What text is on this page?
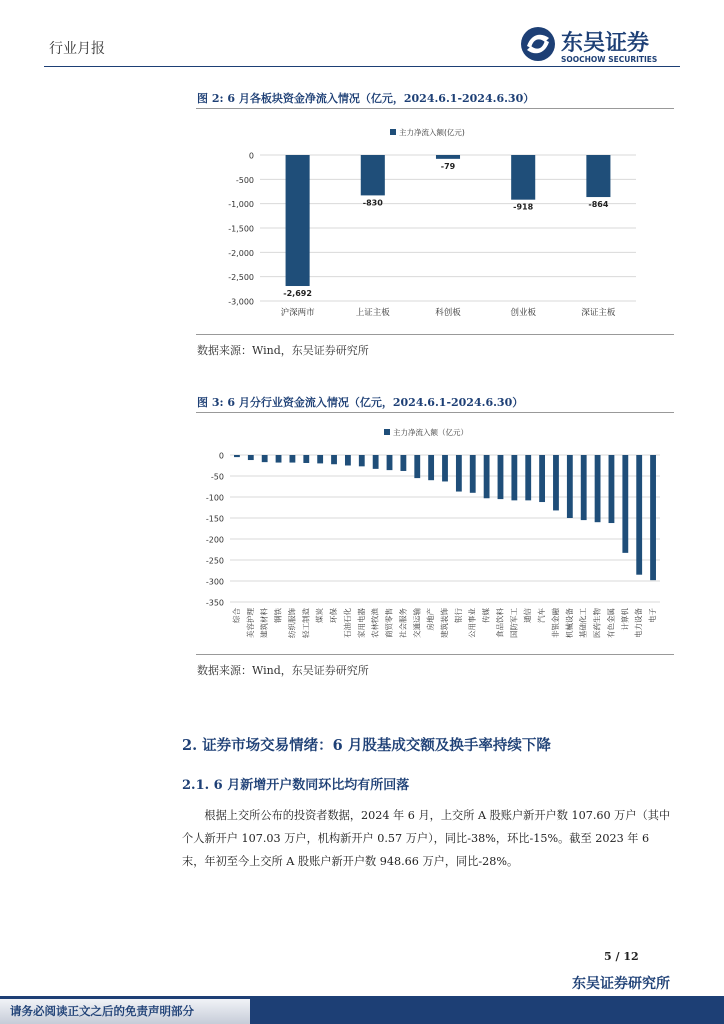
行业月报	东吴证券
SOOCHOW SECURITIES
图 2: 6 月各板块资金净流入情况（亿元，2024.6.1-2024.6.30）
主力净流入额(亿元)
0
-500
-1,000
-1,500
-2,000
-2,500
-3,000
-2,692
沪深两市
-830
上证主板
-79
科创板
-918
创业板
-864
深证主板
数据来源：Wind，东吴证券研究所
图 3: 6 月分行业资金流入情况（亿元，2024.6.1-2024.6.30）
主力净流入额（亿元）
0
-50
-100
-150
-200
-250
-300
-350
综合 美容护理 建筑材料 钢铁 纺织服饰 轻工制造 煤炭 环保 石油石化 家用电器 农林牧渔 商贸零售 社会服务 交通运输 房地产 建筑装饰 银行 公用事业 传媒 食品饮料 国防军工 通信 汽车 非银金融 机械设备 基础化工 医药生物 有色金属 计算机 电力设备 电子
数据来源：Wind，东吴证券研究所
2. 证券市场交易情绪：6 月股基成交额及换手率持续下降
2.1. 6 月新增开户数同环比均有所回落
根据上交所公布的投资者数据，2024 年 6 月，上交所 A 股账户新开户数 107.60 万户（其中个人新开户 107.03 万户，机构新开户 0.57 万户），同比-38%，环比-15%。截至 2023 年 6 末，年初至今上交所 A 股账户新开户数 948.66 万户，同比-28%。
5 / 12
东吴证券研究所
请务必阅读正文之后的免责声明部分
